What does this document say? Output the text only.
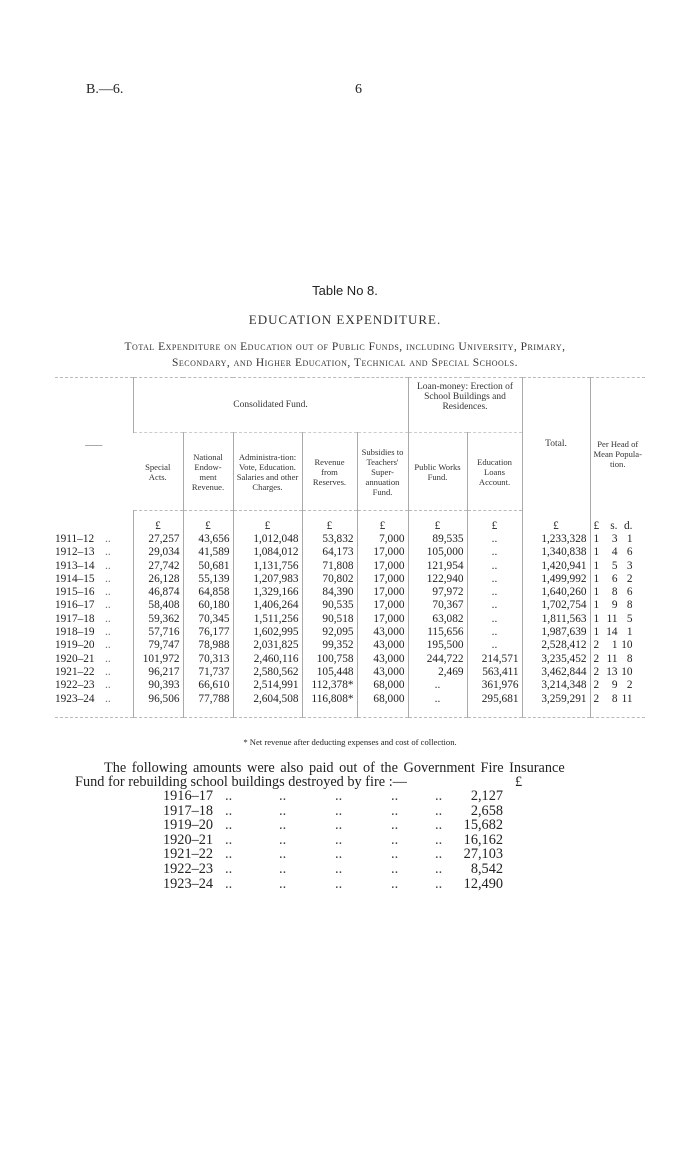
B.—6.	6
Table No 8.
EDUCATION EXPENDITURE.
Total Expenditure on Education out of Public Funds, including University, Primary,
Secondary, and Higher Education, Technical and Special Schools.
——	Consolidated Fund.					Loan-money: Erection of School Buildings and Residences.		Total.	Per Head of Mean Popula-tion.
	Special Acts.	National Endow-ment Revenue.	Administra-tion: Vote, Education. Salaries and other Charges.	Revenue from Reserves.	Subsidies to Teachers' Super-annuation Fund.	Public Works Fund.	Education Loans Account.		
	£	£	£	£	£	£	£	£	£ s. d.
1911–12 ..	27,257	43,656	1,012,048	53,832	7,000	89,535	..	1,233,328	1 3 1
1912–13 ..	29,034	41,589	1,084,012	64,173	17,000	105,000	..	1,340,838	1 4 6
1913–14 ..	27,742	50,681	1,131,756	71,808	17,000	121,954	..	1,420,941	1 5 3
1914–15 ..	26,128	55,139	1,207,983	70,802	17,000	122,940	..	1,499,992	1 6 2
1915–16 ..	46,874	64,858	1,329,166	84,390	17,000	97,972	..	1,640,260	1 8 6
1916–17 ..	58,408	60,180	1,406,264	90,535	17,000	70,367	..	1,702,754	1 9 8
1917–18 ..	59,362	70,345	1,511,256	90,518	17,000	63,082	..	1,811,563	1 11 5
1918–19 ..	57,716	76,177	1,602,995	92,095	43,000	115,656	..	1,987,639	1 14 1
1919–20 ..	79,747	78,988	2,031,825	99,352	43,000	195,500	..	2,528,412	2 1 10
1920–21 ..	101,972	70,313	2,460,116	100,758	43,000	244,722	214,571	3,235,452	2 11 8
1921–22 ..	96,217	71,737	2,580,562	105,448	43,000	2,469	563,411	3,462,844	2 13 10
1922–23 ..	90,393	66,610	2,514,991	112,378*	68,000	..	361,976	3,214,348	2 9 2
1923–24 ..	96,506	77,788	2,604,508	116,808*	68,000	..	295,681	3,259,291	2 8 11
* Net revenue after deducting expenses and cost of collection.
The following amounts were also paid out of the Government Fire Insurance
Fund for rebuilding school buildings destroyed by fire :—	£
1916–17 ..	..	..	..	..	2,127
1917–18 ..	..	..	..	..	2,658
1919–20 ..	..	..	..	..	15,682
1920–21 ..	..	..	..	..	16,162
1921–22 ..	..	..	..	..	27,103
1922–23 ..	..	..	..	..	8,542
1923–24 ..	..	..	..	..	12,490
